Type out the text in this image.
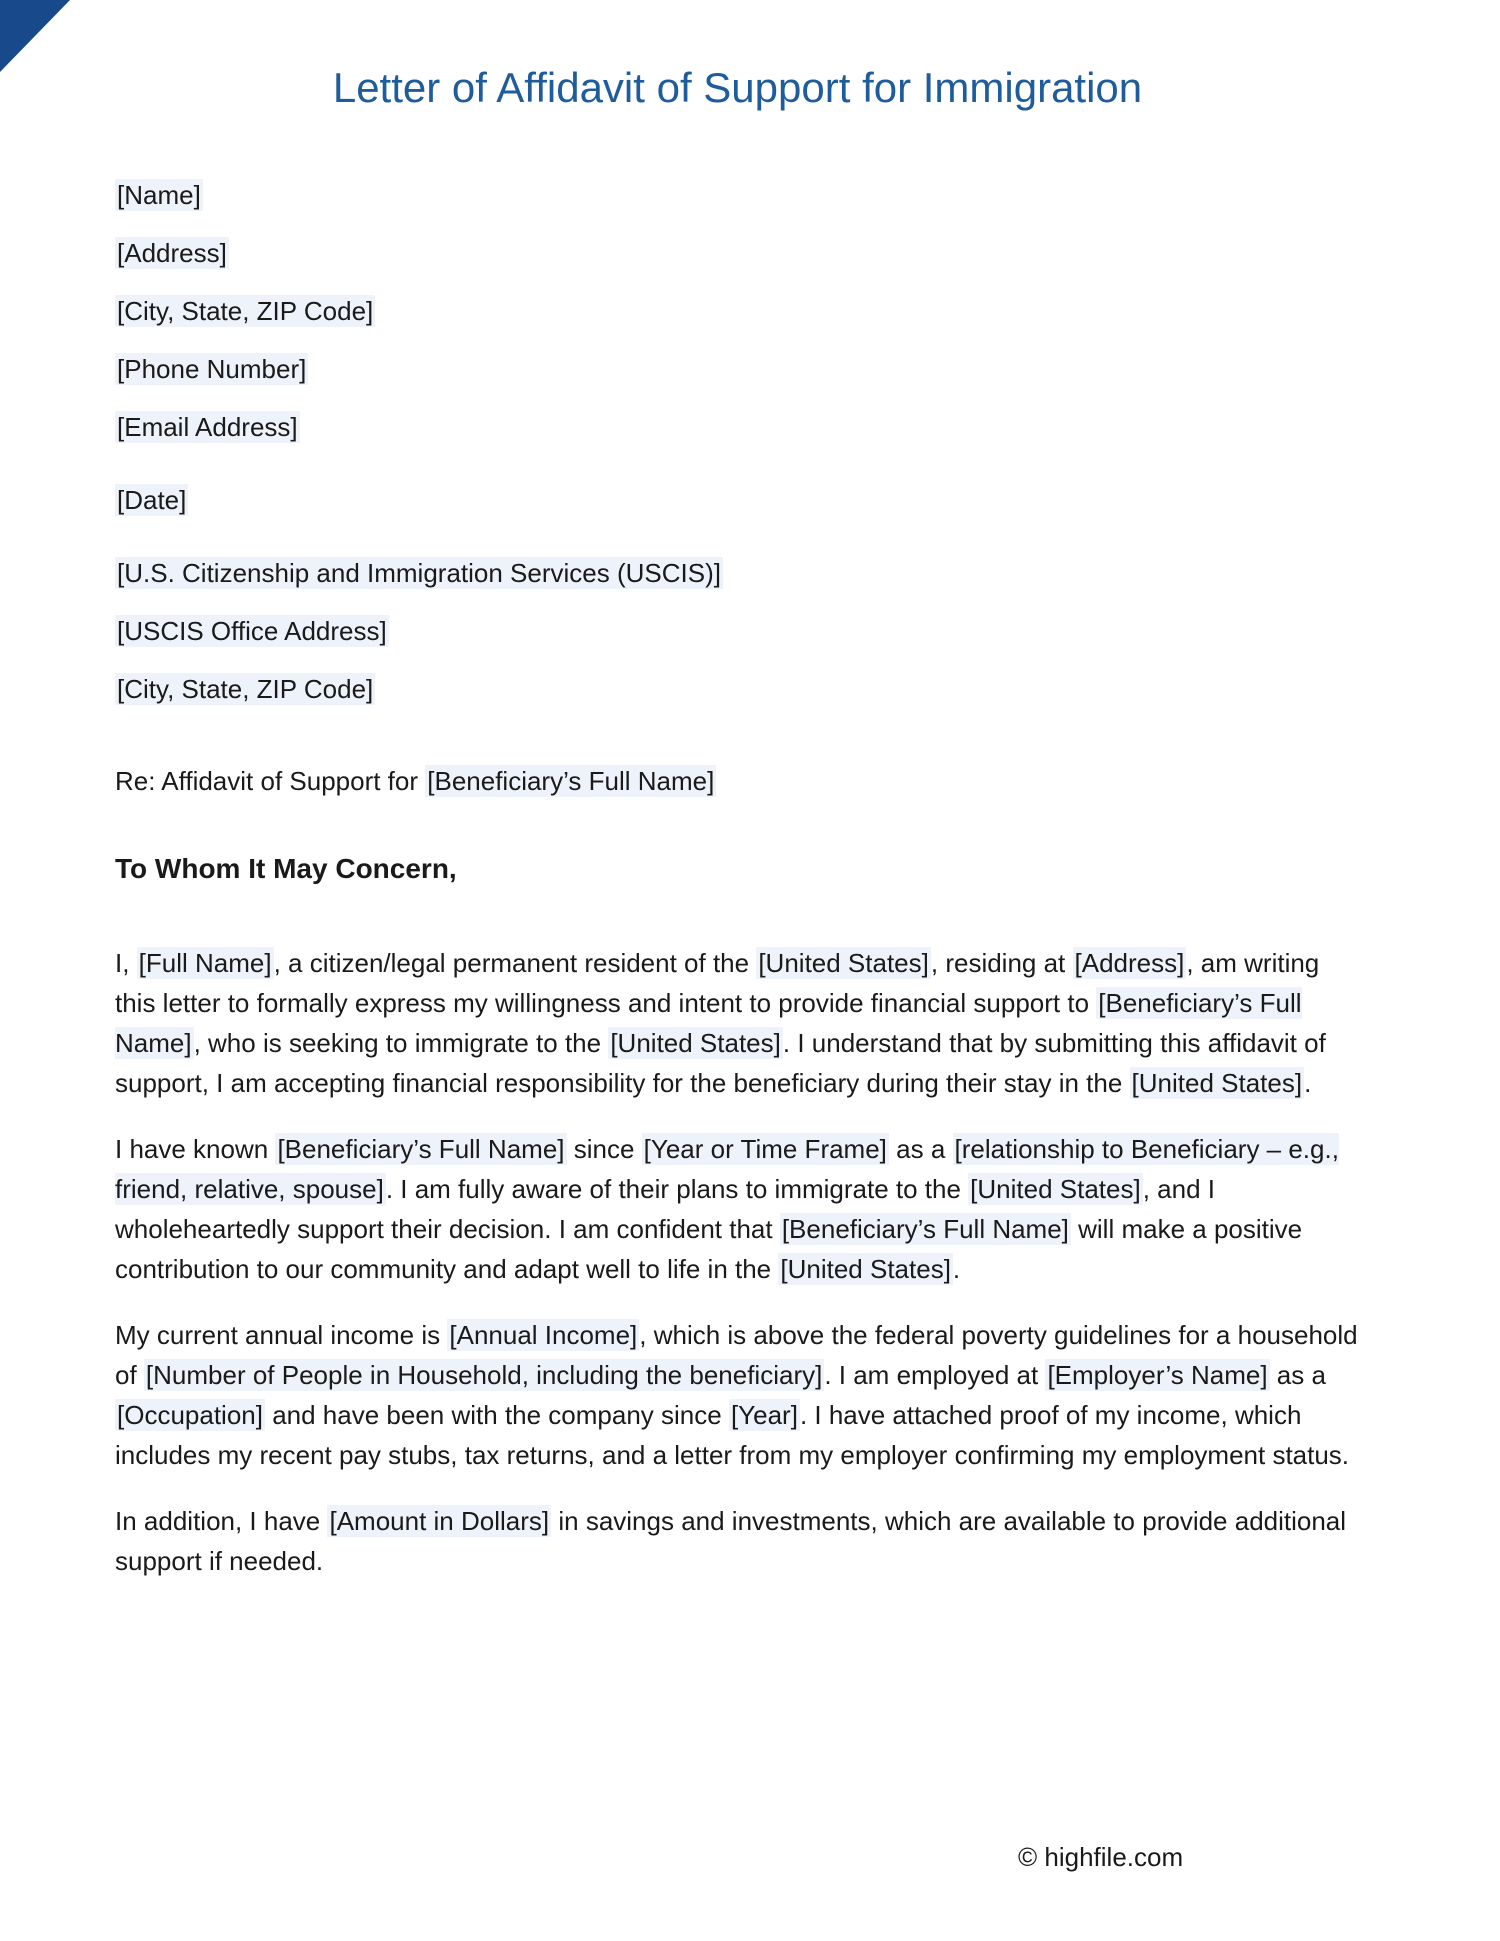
Letter of Affidavit of Support for Immigration

[Name]

[Address]

[City, State, ZIP Code]

[Phone Number]

[Email Address]

[Date]

[U.S. Citizenship and Immigration Services (USCIS)]

[USCIS Office Address]

[City, State, ZIP Code]

Re: Affidavit of Support for [Beneficiary’s Full Name]

To Whom It May Concern,

I, [Full Name], a citizen/legal permanent resident of the [United States], residing at [Address], am writing this letter to formally express my willingness and intent to provide financial support to [Beneficiary’s Full Name], who is seeking to immigrate to the [United States]. I understand that by submitting this affidavit of support, I am accepting financial responsibility for the beneficiary during their stay in the [United States].

I have known [Beneficiary’s Full Name] since [Year or Time Frame] as a [relationship to Beneficiary – e.g., friend, relative, spouse]. I am fully aware of their plans to immigrate to the [United States], and I wholeheartedly support their decision. I am confident that [Beneficiary’s Full Name] will make a positive contribution to our community and adapt well to life in the [United States].

My current annual income is [Annual Income], which is above the federal poverty guidelines for a household of [Number of People in Household, including the beneficiary]. I am employed at [Employer’s Name] as a [Occupation] and have been with the company since [Year]. I have attached proof of my income, which includes my recent pay stubs, tax returns, and a letter from my employer confirming my employment status.

In addition, I have [Amount in Dollars] in savings and investments, which are available to provide additional support if needed.

© highfile.com
